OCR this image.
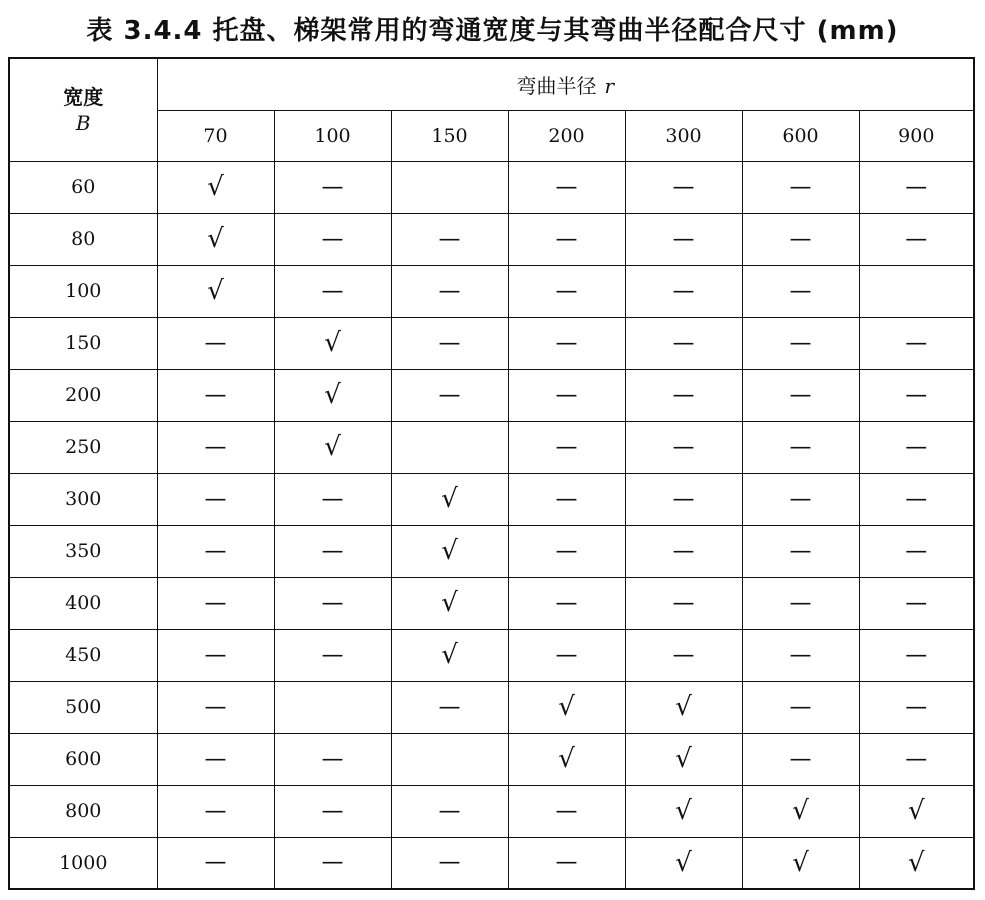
表 3.4.4 托盘、梯架常用的弯通宽度与其弯曲半径配合尺寸 (mm)
宽度
B	弯曲半径 r						
	70	100	150	200	300	600	900
60	√	—		—	—	—	—
80	√	—	—	—	—	—	—
100	√	—	—	—	—	—	
150	—	√	—	—	—	—	—
200	—	√	—	—	—	—	—
250	—	√		—	—	—	—
300	—	—	√	—	—	—	—
350	—	—	√	—	—	—	—
400	—	—	√	—	—	—	—
450	—	—	√	—	—	—	—
500	—		—	√	√	—	—
600	—	—		√	√	—	—
800	—	—	—	—	√	√	√
1000	—	—	—	—	√	√	√
